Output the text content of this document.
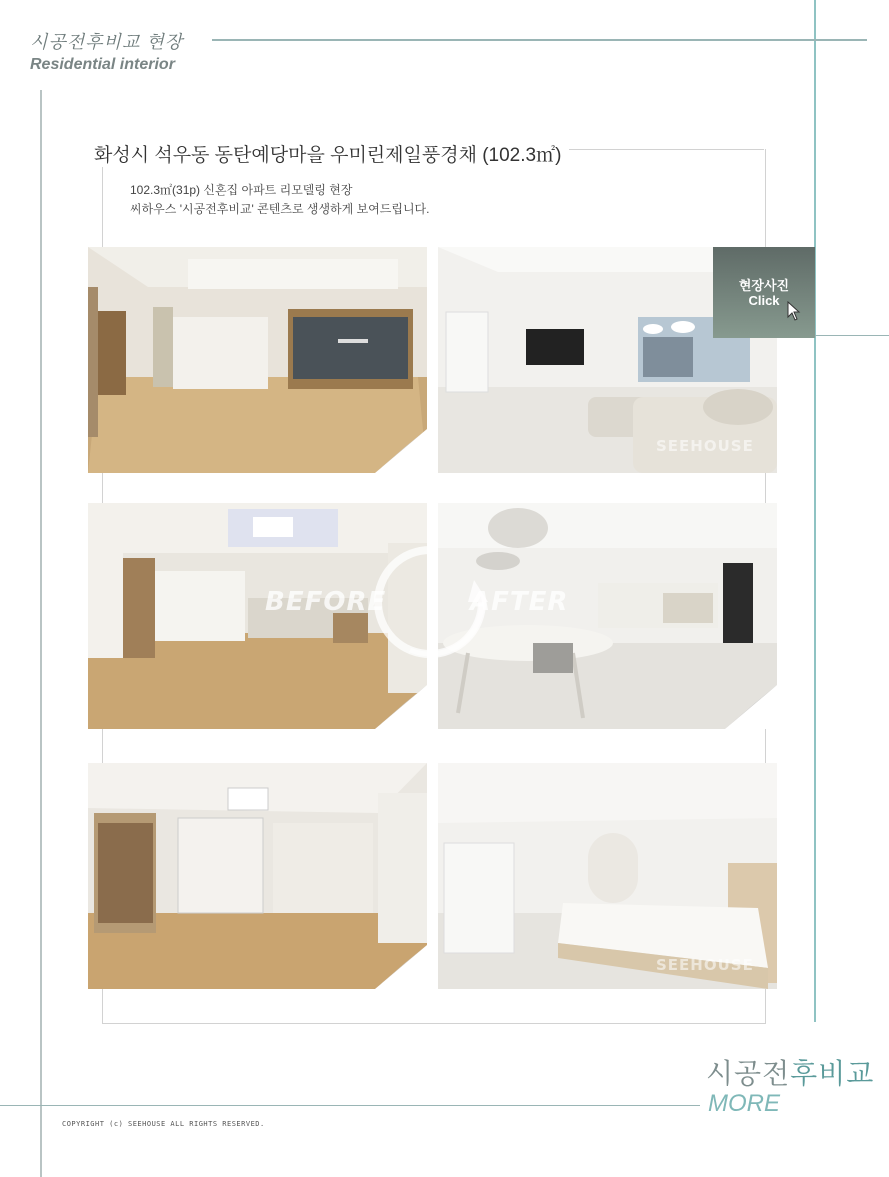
시공전후비교 현장
Residential interior
화성시 석우동 동탄예당마을 우미린제일풍경채 (102.3㎡)
102.3㎡(31p) 신혼집 아파트 리모델링 현장
씨하우스 '시공전후비교' 콘텐츠로 생생하게 보여드립니다.
SEEHOUSE
SEEHOUSE
현장사진
Click
BEFORE	AFTER
시공전후비교
MORE
COPYRIGHT (c) SEEHOUSE ALL RIGHTS RESERVED.
